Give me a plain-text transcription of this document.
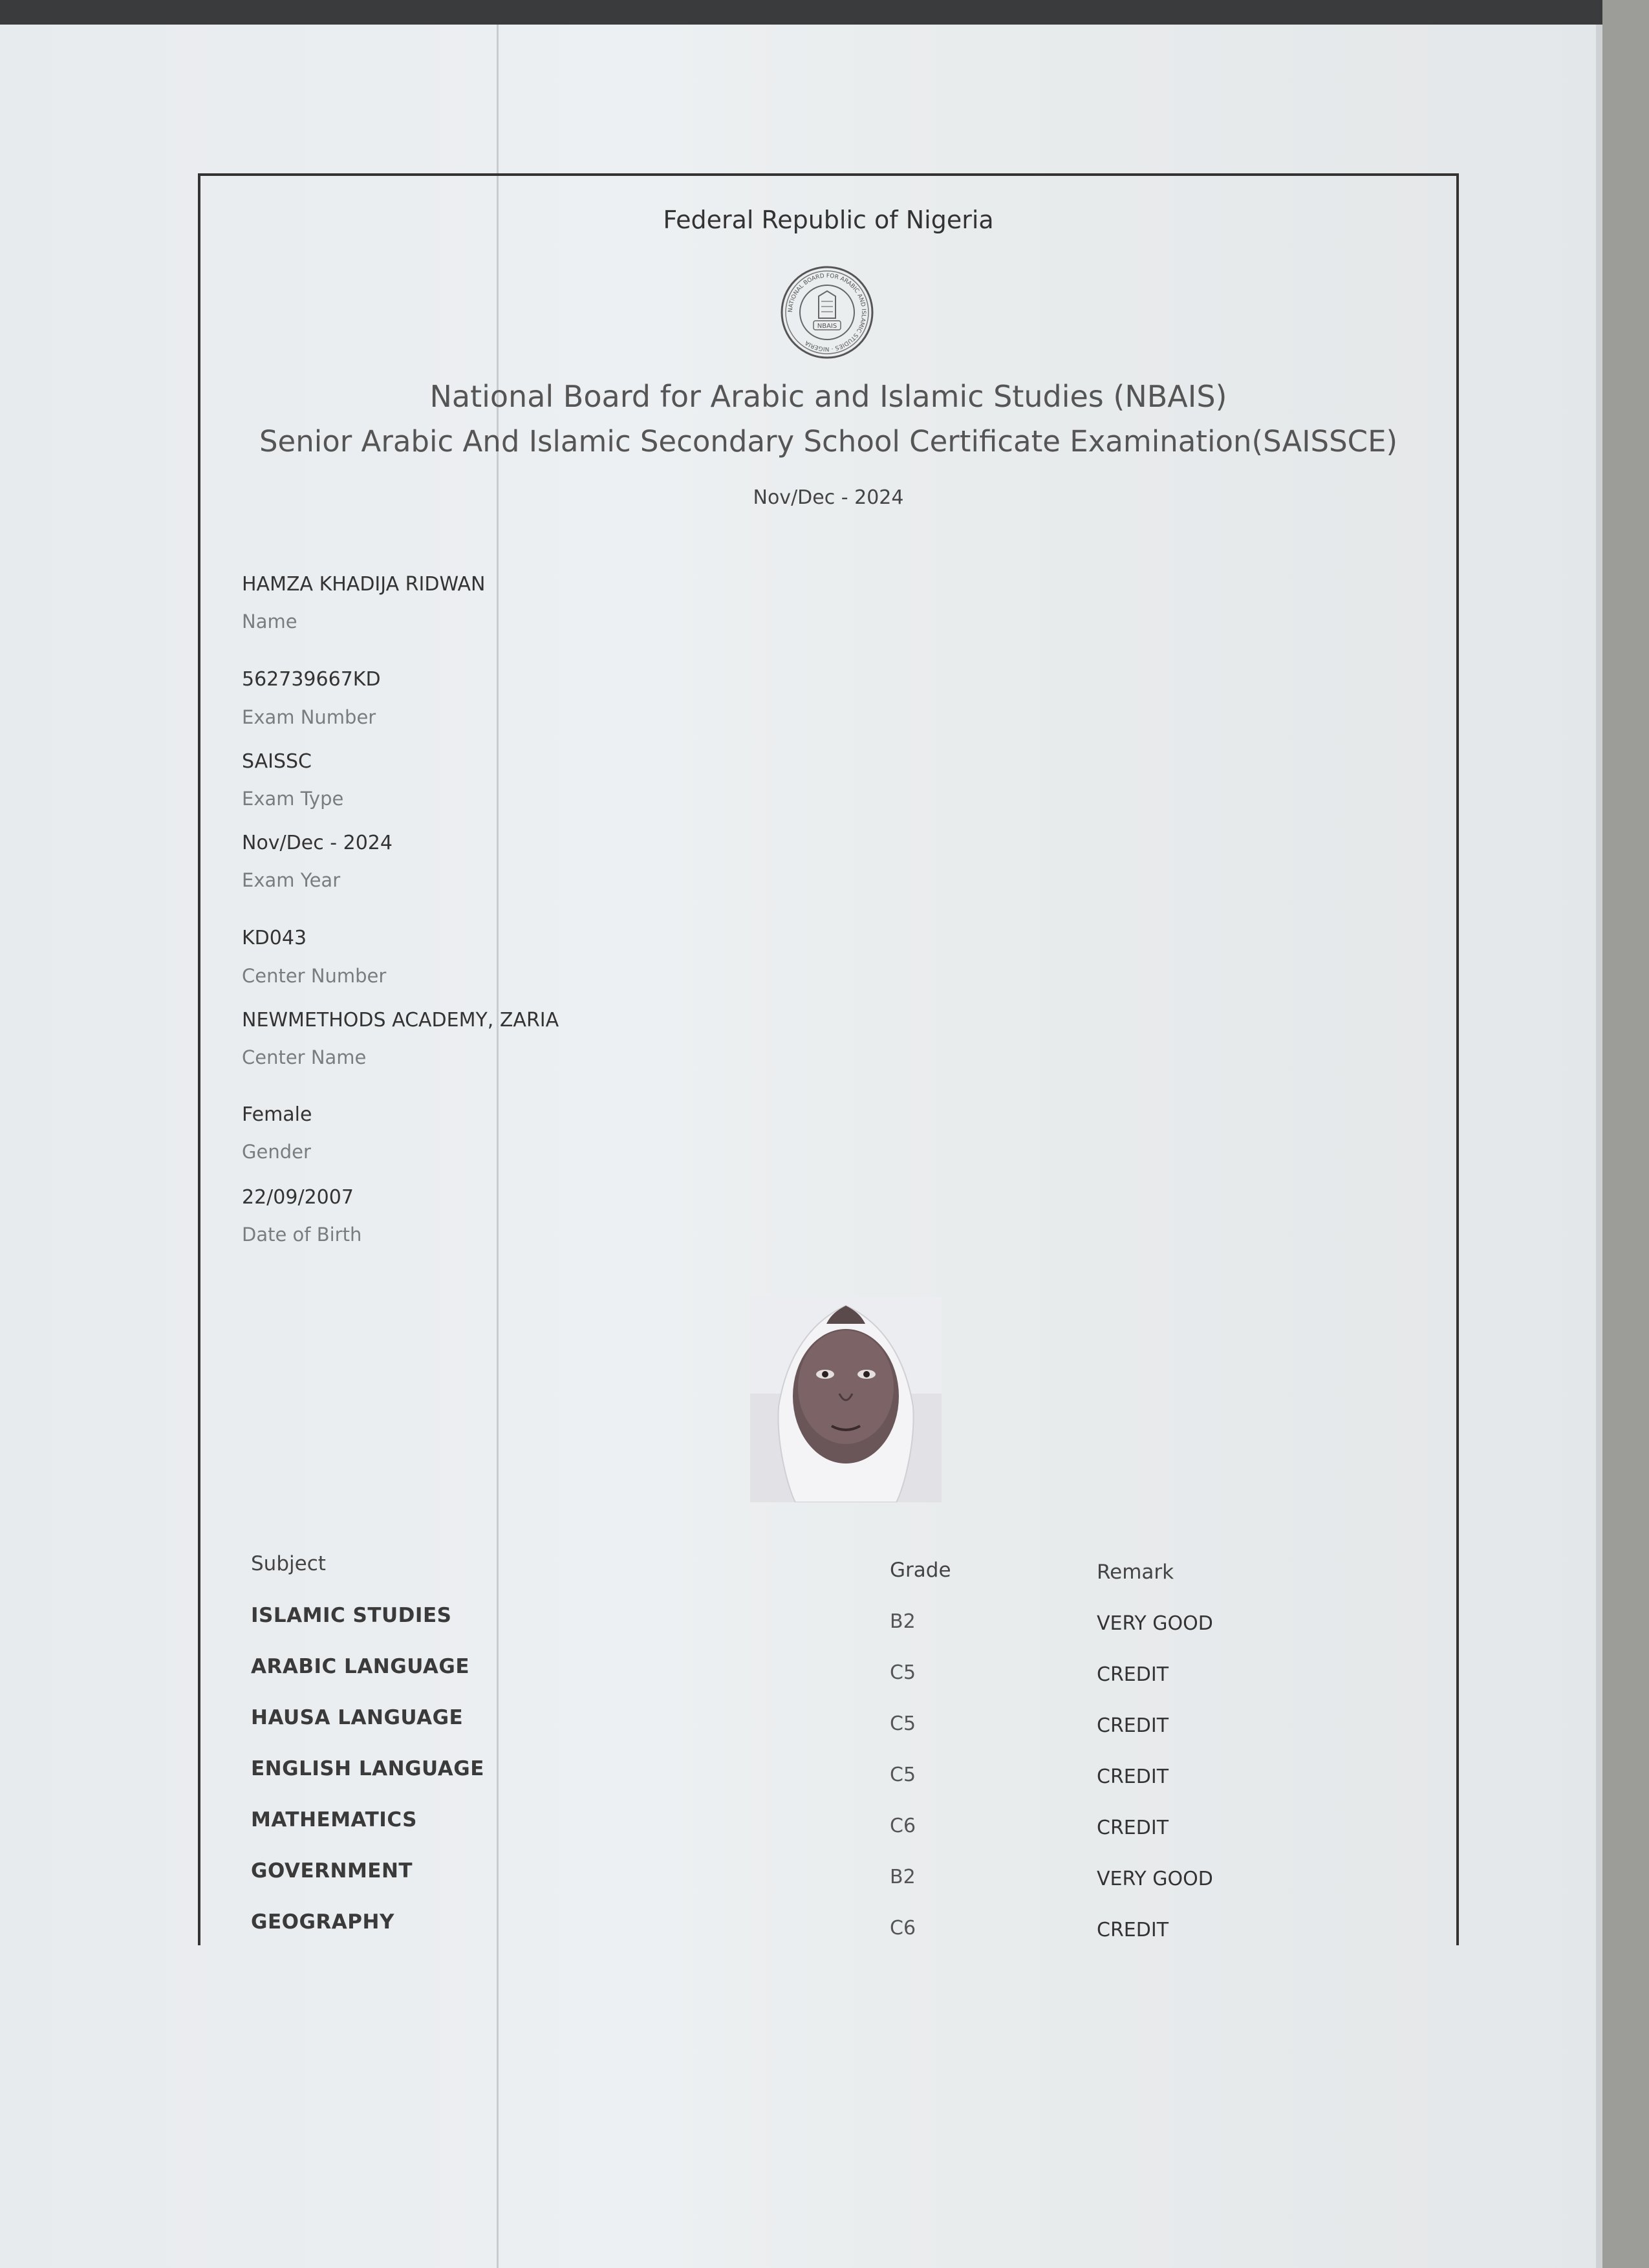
Federal Republic of Nigeria
NATIONAL BOARD FOR ARABIC AND ISLAMIC STUDIES · NIGERIA
NBAIS
National Board for Arabic and Islamic Studies (NBAIS)
Senior Arabic And Islamic Secondary School Certificate Examination(SAISSCE)
Nov/Dec - 2024
HAMZA KHADIJA RIDWAN
Name
562739667KD
Exam Number
SAISSC
Exam Type
Nov/Dec - 2024
Exam Year
KD043
Center Number
NEWMETHODS ACADEMY, ZARIA
Center Name
Female
Gender
22/09/2007
Date of Birth
Subject	Grade	Remark
ISLAMIC STUDIES	B2	VERY GOOD
ARABIC LANGUAGE	C5	CREDIT
HAUSA LANGUAGE	C5	CREDIT
ENGLISH LANGUAGE	C5	CREDIT
MATHEMATICS	C6	CREDIT
GOVERNMENT	B2	VERY GOOD
GEOGRAPHY	C6	CREDIT
